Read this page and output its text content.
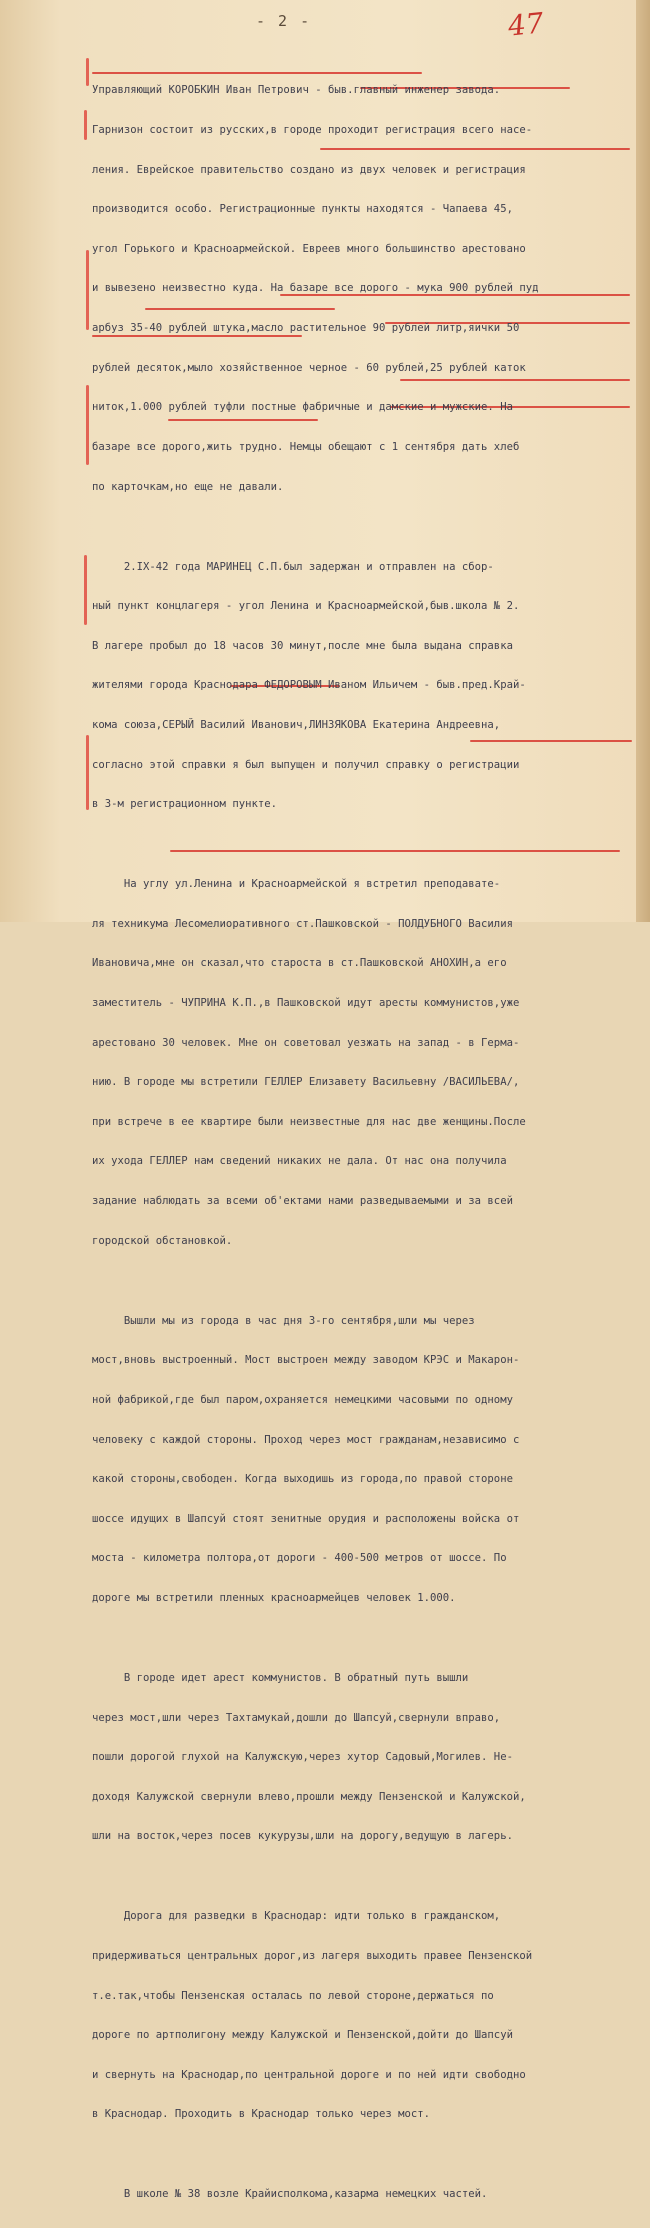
- 2 -	47

Управляющий КОРОБКИН Иван Петрович - быв.главный инженер завода.

Гарнизон состоит из русских,в городе проходит регистрация всего насе-

ления. Еврейское правительство создано из двух человек и регистрация

производится особо. Регистрационные пункты находятся - Чапаева 45,

угол Горького и Красноармейской. Евреев много большинство арестовано

и вывезено неизвестно куда. На базаре все дорого - мука 900 рублей пуд

арбуз 35-40 рублей штука,масло растительное 90 рублей литр,яички 50

рублей десяток,мыло хозяйственное черное - 60 рублей,25 рублей каток

ниток,1.000 рублей туфли постные фабричные и дамские и мужские. На

базаре все дорого,жить трудно. Немцы обещают с 1 сентября дать хлеб

по карточкам,но еще не давали.

2.IX-42 года МАРИНЕЦ С.П.был задержан и отправлен на сбор-

ный пункт концлагеря - угол Ленина и Красноармейской,быв.школа № 2.

В лагере пробыл до 18 часов 30 минут,после мне была выдана справка

жителями города Краснодара ФЕДОРОВЫМ Иваном Ильичем - быв.пред.Край-

кома союза,СЕРЫЙ Василий Иванович,ЛИНЗЯКОВА Екатерина Андреевна,

согласно этой справки я был выпущен и получил справку о регистрации

в 3-м регистрационном пункте.

На углу ул.Ленина и Красноармейской я встретил преподавате-

ля техникума Лесомелиоративного ст.Пашковской - ПОЛДУБНОГО Василия

Ивановича,мне он сказал,что староста в ст.Пашковской АНОХИН,а его

заместитель - ЧУПРИНА К.П.,в Пашковской идут аресты коммунистов,уже

арестовано 30 человек. Мне он советовал уезжать на запад - в Герма-

нию. В городе мы встретили ГЕЛЛЕР Елизавету Васильевну /ВАСИЛЬЕВА/,

при встрече в ее квартире были неизвестные для нас две женщины.После

их ухода ГЕЛЛЕР нам сведений никаких не дала. От нас она получила

задание наблюдать за всеми об'ектами нами разведываемыми и за всей

городской обстановкой.

Вышли мы из города в час дня 3-го сентября,шли мы через

мост,вновь выстроенный. Мост выстроен между заводом КРЭС и Макарон-

ной фабрикой,где был паром,охраняется немецкими часовыми по одному

человеку с каждой стороны. Проход через мост гражданам,независимо с

какой стороны,свободен. Когда выходишь из города,по правой стороне

шоссе идущих в Шапсуй стоят зенитные орудия и расположены войска от

моста - километра полтора,от дороги - 400-500 метров от шоссе. По

дороге мы встретили пленных красноармейцев человек 1.000.

В городе идет арест коммунистов. В обратный путь вышли

через мост,шли через Тахтамукай,дошли до Шапсуй,свернули вправо,

пошли дорогой глухой на Калужскую,через хутор Садовый,Могилев. Не-

доходя Калужской свернули влево,прошли между Пензенской и Калужской,

шли на восток,через посев кукурузы,шли на дорогу,ведущую в лагерь.

Дорога для разведки в Краснодар: идти только в гражданском,

придерживаться центральных дорог,из лагеря выходить правее Пензенской

т.е.так,чтобы Пензенская осталась по левой стороне,держаться по

дороге по артполигону между Калужской и Пензенской,дойти до Шапсуй

и свернуть на Краснодар,по центральной дороге и по ней идти свободно

в Краснодар. Проходить в Краснодар только через мост.

В школе № 38 возле Крайисполкома,казарма немецких частей.
